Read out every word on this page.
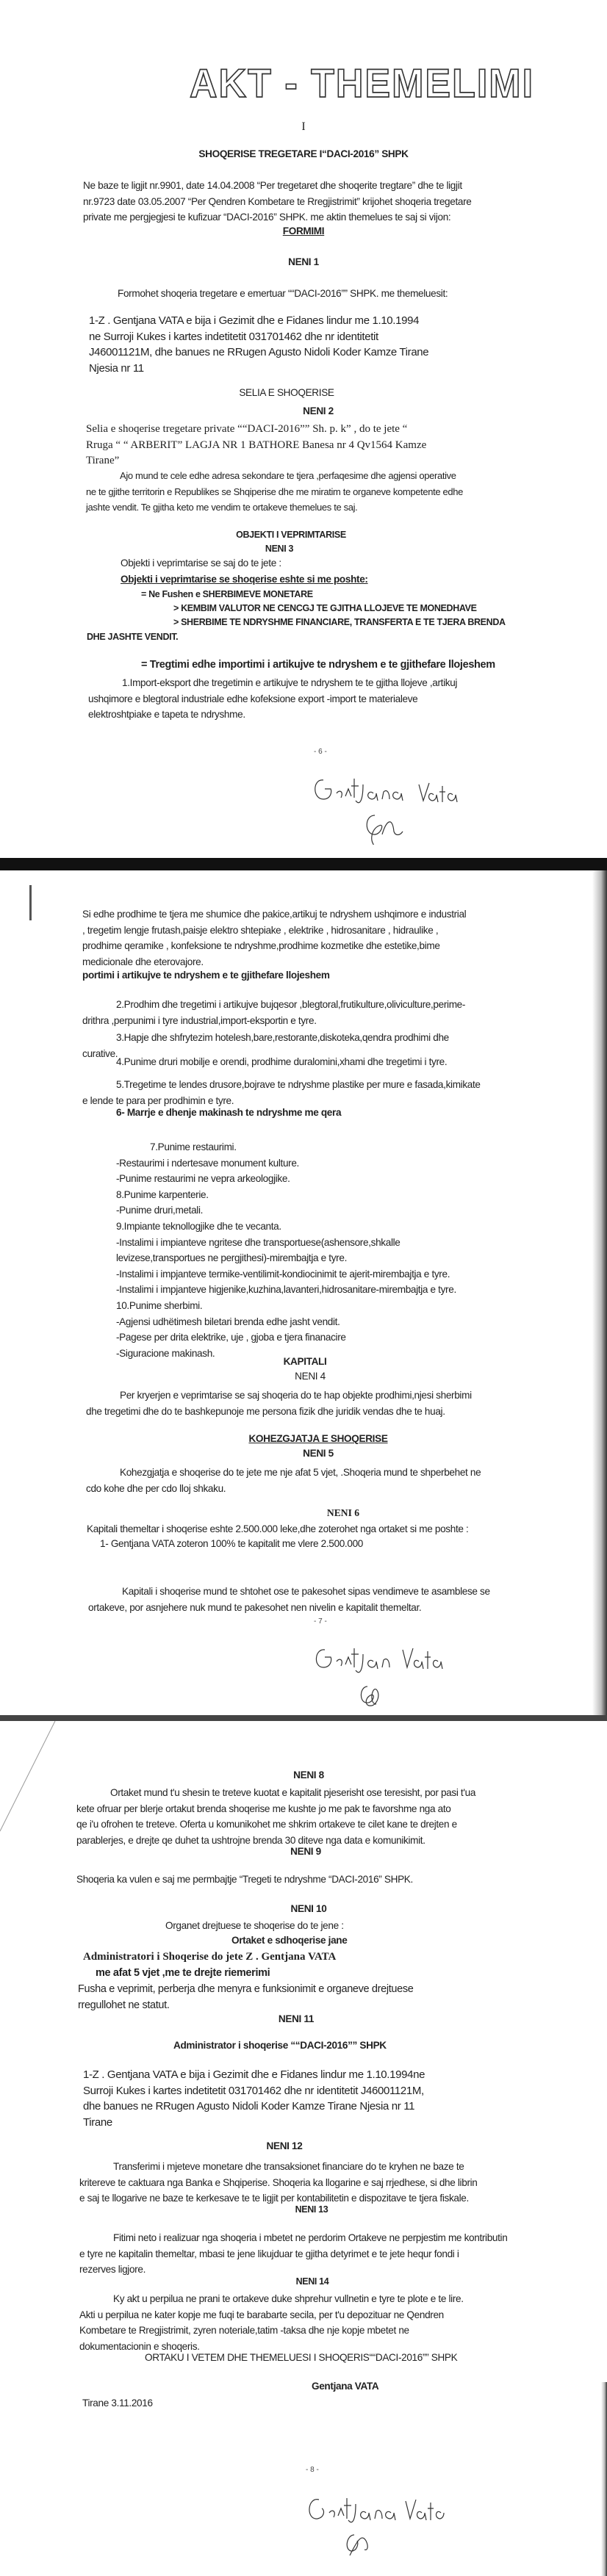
AKT - THEMELIMI
I
SHOQERISE TREGETARE I“DACI-2016” SHPK
Ne baze te ligjit nr.9901, date 14.04.2008 “Per tregetaret dhe shoqerite tregtare” dhe te ligjit
nr.9723 date 03.05.2007 “Per Qendren Kombetare te Rregjistrimit” krijohet shoqeria tregetare
private me pergjegjesi te kufizuar “DACI-2016” SHPK. me aktin themelues te saj si vijon:
FORMIMI
NENI 1
Formohet shoqeria tregetare e emertuar ““DACI-2016”” SHPK. me themeluesit:
1-Z . Gentjana VATA e bija i Gezimit dhe e Fidanes lindur me 1.10.1994
ne Surroji Kukes i kartes indetitetit 031701462 dhe nr identitetit
J46001121M, dhe banues ne RRugen Agusto Nidoli Koder Kamze Tirane
Njesia nr 11
SELIA E SHOQERISE
NENI 2
Selia e shoqerise tregetare private ““DACI-2016”” Sh. p. k” , do te jete “
Rruga “ “ ARBERIT” LAGJA NR 1 BATHORE Banesa nr 4 Qv1564 Kamze
Tirane”
Ajo mund te cele edhe adresa sekondare te tjera ,perfaqesime dhe agjensi operative
ne te gjithe territorin e Republikes se Shqiperise dhe me miratim te organeve kompetente edhe
jashte vendit. Te gjitha keto me vendim te ortakeve themelues te saj.
OBJEKTI I VEPRIMTARISE
NENI 3
Objekti i veprimtarise se saj do te jete :
Objekti i veprimtarise se shoqerise eshte si me poshte:
= Ne Fushen e SHERBIMEVE MONETARE
> KEMBIM VALUTOR NE CENCGJ TE GJITHA LLOJEVE TE MONEDHAVE
> SHERBIME TE NDRYSHME FINANCIARE, TRANSFERTA E TE TJERA BRENDA
DHE JASHTE VENDIT.
= Tregtimi edhe importimi i artikujve te ndryshem e te gjithefare llojeshem
1.Import-eksport dhe tregetimin e artikujve te ndryshem te te gjitha llojeve ,artikuj
ushqimore e blegtoral industriale edhe kofeksione export -import te materialeve
elektroshtpiake e tapeta te ndryshme.
- 6 -
Si edhe prodhime te tjera me shumice dhe pakice,artikuj te ndryshem ushqimore e industrial
, tregetim lengje frutash,paisje elektro shtepiake , elektrike , hidrosanitare , hidraulike ,
prodhime qeramike , konfeksione te ndryshme,prodhime kozmetike dhe estetike,bime
medicionale dhe eterovajore.
portimi i artikujve te ndryshem e te gjithefare llojeshem
2.Prodhim dhe tregetimi i artikujve bujqesor ,blegtoral,frutikulture,oliviculture,perime-
drithra ,perpunimi i tyre industrial,import-eksportin e tyre.
3.Hapje dhe shfrytezim hotelesh,bare,restorante,diskoteka,qendra prodhimi dhe
curative.
4.Punime druri mobilje e orendi, prodhime duralomini,xhami dhe tregetimi i tyre.
5.Tregetime te lendes drusore,bojrave te ndryshme plastike per mure e fasada,kimikate
e lende te para per prodhimin e tyre.
6- Marrje e dhenje makinash te ndryshme me qera
7.Punime restaurimi.
-Restaurimi i ndertesave monument kulture.
-Punime restaurimi ne vepra arkeologjike.
8.Punime karpenterie.
-Punime druri,metali.
9.Impiante teknollogjike dhe te vecanta.
-Instalimi i impianteve ngritese dhe transportuese(ashensore,shkalle
levizese,transportues ne pergjithesi)-mirembajtja e tyre.
-Instalimi i impjanteve termike-ventilimit-kondiocinimit te ajerit-mirembajtja e tyre.
-Instalimi i impjanteve higjenike,kuzhina,lavanteri,hidrosanitare-mirembajtja e tyre.
10.Punime sherbimi.
-Agjensi udhëtimesh biletari brenda edhe jasht vendit.
-Pagese per drita elektrike, uje , gjoba e tjera finanacire
-Siguracione makinash.
KAPITALI
NENI 4
Per kryerjen e veprimtarise se saj shoqeria do te hap objekte prodhimi,njesi sherbimi
dhe tregetimi dhe do te bashkepunoje me persona fizik dhe juridik vendas dhe te huaj.
KOHEZGJATJA E SHOQERISE
NENI 5
Kohezgjatja e shoqerise do te jete me nje afat 5 vjet, .Shoqeria mund te shperbehet ne
cdo kohe dhe per cdo lloj shkaku.
NENI 6
Kapitali themeltar i shoqerise eshte 2.500.000 leke,dhe zoterohet nga ortaket si me poshte :
1- Gentjana VATA zoteron 100% te kapitalit me vlere 2.500.000
Kapitali i shoqerise mund te shtohet ose te pakesohet sipas vendimeve te asamblese se
ortakeve, por asnjehere nuk mund te pakesohet nen nivelin e kapitalit themeltar.
- 7 -
NENI 8
Ortaket mund t'u shesin te treteve kuotat e kapitalit pjeserisht ose teresisht, por pasi t'ua
kete ofruar per blerje ortakut brenda shoqerise me kushte jo me pak te favorshme nga ato
qe i'u ofrohen te treteve. Oferta u komunikohet me shkrim ortakeve te cilet kane te drejten e
parablerjes, e drejte qe duhet ta ushtrojne brenda 30 diteve nga data e komunikimit.
NENI 9
Shoqeria ka vulen e saj me permbajtje “Tregeti te ndryshme “DACI-2016” SHPK.
NENI 10
Organet drejtuese te shoqerise do te jene :
Ortaket e sdhoqerise jane
Administratori i Shoqerise do jete Z . Gentjana VATA
me afat 5 vjet ,me te drejte riemerimi
Fusha e veprimit, perberja dhe menyra e funksionimit e organeve drejtuese
rregullohet ne statut.
NENI 11
Administrator i shoqerise ““DACI-2016”” SHPK
1-Z . Gentjana VATA e bija i Gezimit dhe e Fidanes lindur me 1.10.1994ne
Surroji Kukes i kartes indetitetit 031701462 dhe nr identitetit J46001121M,
dhe banues ne RRugen Agusto Nidoli Koder Kamze Tirane Njesia nr 11
Tirane
NENI 12
Transferimi i mjeteve monetare dhe transaksionet financiare do te kryhen ne baze te
kritereve te caktuara nga Banka e Shqiperise. Shoqeria ka llogarine e saj rrjedhese, si dhe librin
e saj te llogarive ne baze te kerkesave te te ligjit per kontabilitetin e dispozitave te tjera fiskale.
NENI 13
Fitimi neto i realizuar nga shoqeria i mbetet ne perdorim Ortakeve ne perpjestim me kontributin
e tyre ne kapitalin themeltar, mbasi te jene likujduar te gjitha detyrimet e te jete hequr fondi i
rezerves ligjore.
NENI 14
Ky akt u perpilua ne prani te ortakeve duke shprehur vullnetin e tyre te plote e te lire.
Akti u perpilua ne kater kopje me fuqi te barabarte secila, per t'u depozituar ne Qendren
Kombetare te Rregjistrimit, zyren noteriale,tatim -taksa dhe nje kopje mbetet ne
dokumentacionin e shoqeris.
ORTAKU I VETEM DHE THEMELUESI I SHOQERIS““DACI-2016”” SHPK
Gentjana VATA
Tirane 3.11.2016
- 8 -
